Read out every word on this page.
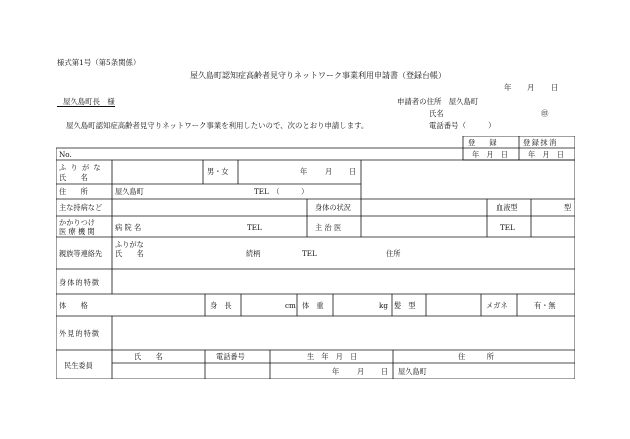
様式第1号（第5条関係）
屋久島町認知症高齢者見守りネットワーク事業利用申請書（登録台帳）
年 月 日
屋久島町長　様	申請者の住所　屋久島町
氏名	㊞
屋久島町認知症高齢者見守りネットワーク事業を利用したいので、次のとおり申請します。	電話番号（　　　）
登　録	登録抹消
年　月　日	年　月　日
No.
ふ り が な
氏　　名
男・女	年 月 日
住　　所	屋久島町	TEL　（　　　）
主な持病など	身体の状況	血液型	型
かかりつけ
医 療 機 関	病 院 名	TEL	主 治 医	TEL
親族等連絡先
ふりがな
氏　　名	続柄	TEL	住所
身体的特徴
体　　格	身　長	cm 体　重	kg 髪　型	メガネ	有・無
外見的特徴
民生委員
氏　　名	電話番号	生　年　月　日	住　　　所
年 月 日 屋久島町
